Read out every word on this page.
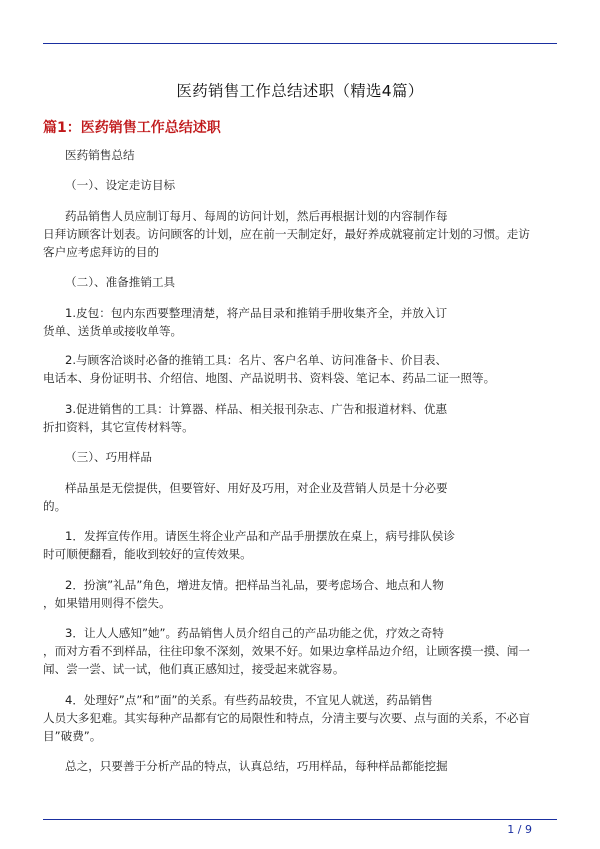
医药销售工作总结述职（精选4篇）
篇1：医药销售工作总结述职
医药销售总结
（一）、设定走访目标
药品销售人员应制订每月、每周的访问计划，然后再根据计划的内容制作每
日拜访顾客计划表。访问顾客的计划，应在前一天制定好，最好养成就寝前定计划的习惯。走访
客户应考虑拜访的目的
（二）、准备推销工具
1.皮包：包内东西要整理清楚，将产品目录和推销手册收集齐全，并放入订
货单、送货单或接收单等。
2.与顾客洽谈时必备的推销工具：名片、客户名单、访问准备卡、价目表、
电话本、身份证明书、介绍信、地图、产品说明书、资料袋、笔记本、药品二证一照等。
3.促进销售的工具：计算器、样品、相关报刊杂志、广告和报道材料、优惠
折扣资料，其它宣传材料等。
（三）、巧用样品
样品虽是无偿提供，但要管好、用好及巧用，对企业及营销人员是十分必要
的。
1．发挥宣传作用。请医生将企业产品和产品手册摆放在桌上，病号排队侯诊
时可顺便翻看，能收到较好的宣传效果。
2．扮演”礼品”角色，增进友情。把样品当礼品，要考虑场合、地点和人物
，如果错用则得不偿失。
3．让人人感知”她”。药品销售人员介绍自己的产品功能之优，疗效之奇特
，而对方看不到样品，往往印象不深刻，效果不好。如果边拿样品边介绍，让顾客摸一摸、闻一
闻、尝一尝、试一试，他们真正感知过，接受起来就容易。
4．处理好”点”和”面”的关系。有些药品较贵，不宜见人就送，药品销售
人员大多犯难。其实每种产品都有它的局限性和特点，分清主要与次要、点与面的关系，不必盲
目”破费”。
总之，只要善于分析产品的特点，认真总结，巧用样品，每种样品都能挖掘
1 / 9
